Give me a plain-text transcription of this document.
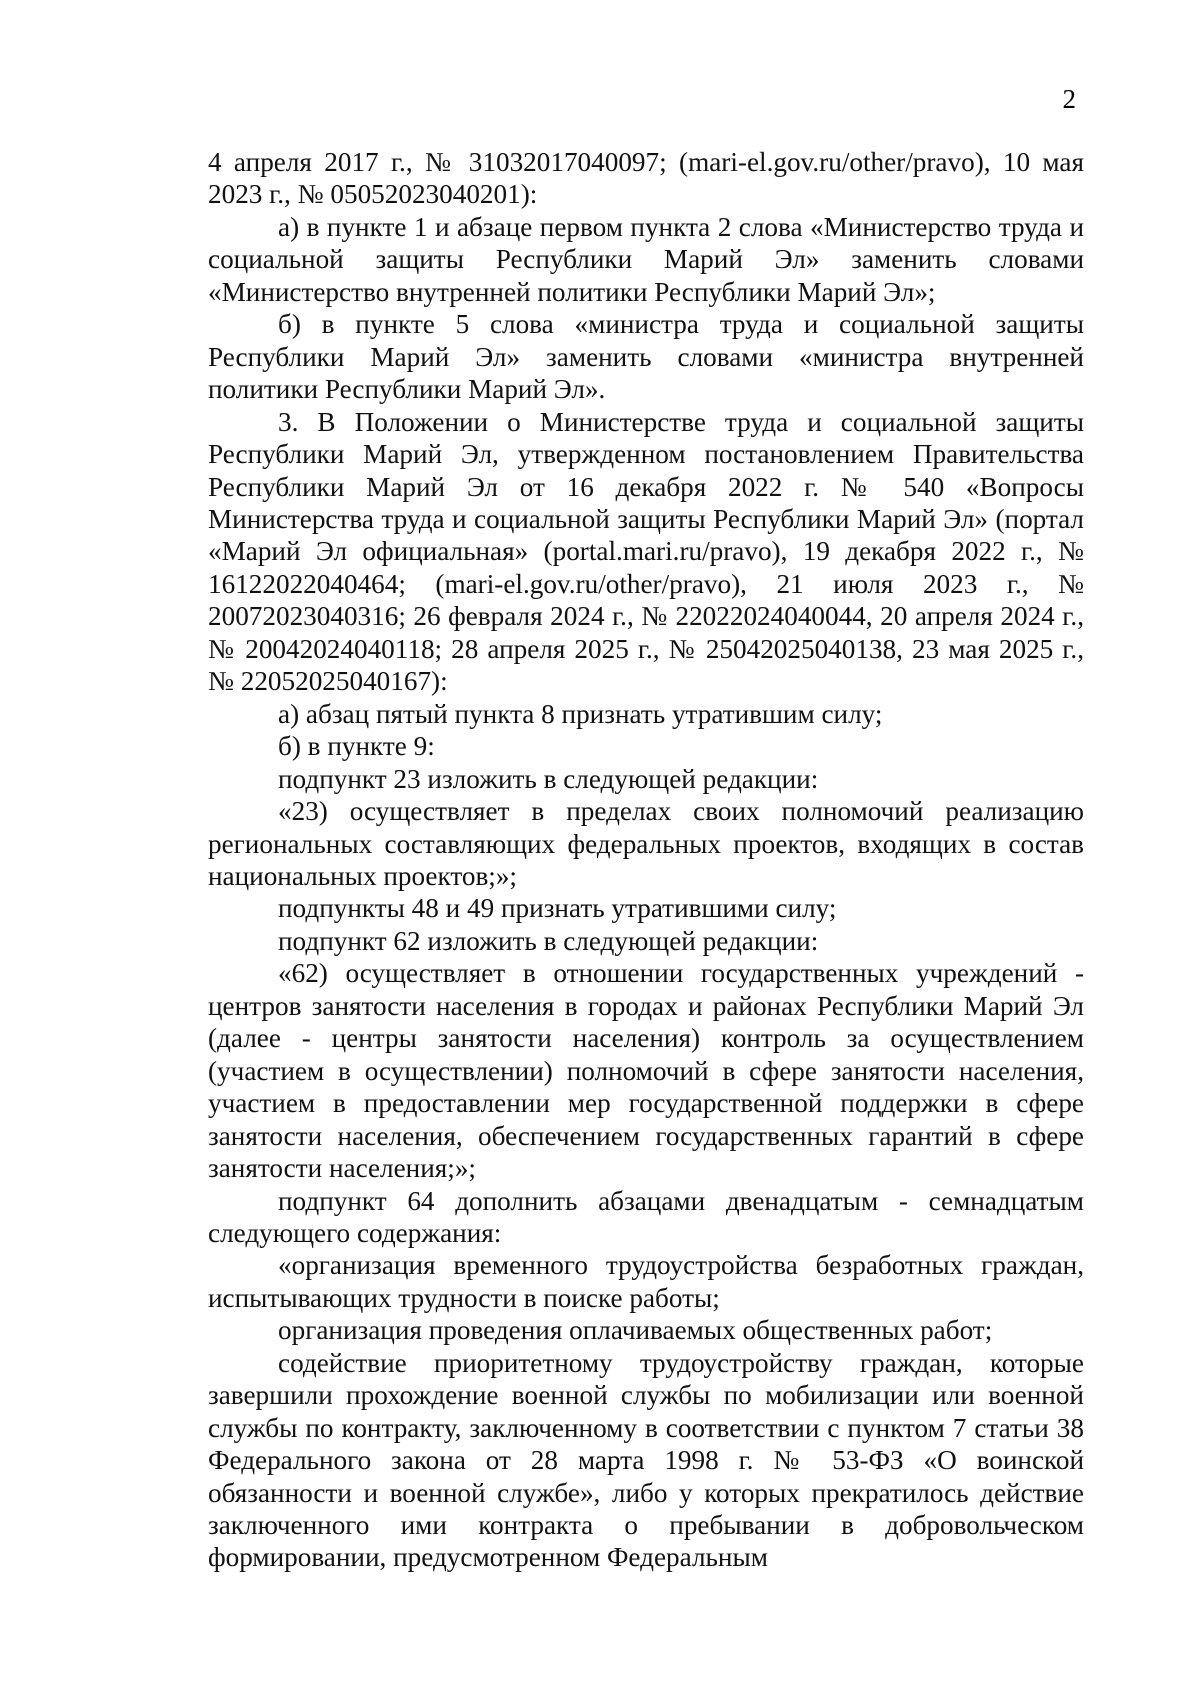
2

4 апреля 2017 г., № 31032017040097; (mari-el.gov.ru/other/pravo), 10 мая 2023 г., № 05052023040201):

а) в пункте 1 и абзаце первом пункта 2 слова «Министерство труда и социальной защиты Республики Марий Эл» заменить словами «Министерство внутренней политики Республики Марий Эл»;

б) в пункте 5 слова «министра труда и социальной защиты Республики Марий Эл» заменить словами «министра внутренней политики Республики Марий Эл».

3. В Положении о Министерстве труда и социальной защиты Республики Марий Эл, утвержденном постановлением Правительства Республики Марий Эл от 16 декабря 2022 г. № 540 «Вопросы Министерства труда и социальной защиты Республики Марий Эл» (портал «Марий Эл официальная» (portal.mari.ru/pravo), 19 декабря 2022 г., № 16122022040464; (mari-el.gov.ru/other/pravo), 21 июля 2023 г., № 20072023040316; 26 февраля 2024 г., № 22022024040044, 20 апреля 2024 г., № 20042024040118; 28 апреля 2025 г., № 25042025040138, 23 мая 2025 г., № 22052025040167):

а) абзац пятый пункта 8 признать утратившим силу;

б) в пункте 9:

подпункт 23 изложить в следующей редакции:

«23) осуществляет в пределах своих полномочий реализацию региональных составляющих федеральных проектов, входящих в состав национальных проектов;»;

подпункты 48 и 49 признать утратившими силу;

подпункт 62 изложить в следующей редакции:

«62) осуществляет в отношении государственных учреждений - центров занятости населения в городах и районах Республики Марий Эл (далее - центры занятости населения) контроль за осуществлением (участием в осуществлении) полномочий в сфере занятости населения, участием в предоставлении мер государственной поддержки в сфере занятости населения, обеспечением государственных гарантий в сфере занятости населения;»;

подпункт 64 дополнить абзацами двенадцатым - семнадцатым следующего содержания:

«организация временного трудоустройства безработных граждан, испытывающих трудности в поиске работы;

организация проведения оплачиваемых общественных работ;

содействие приоритетному трудоустройству граждан, которые завершили прохождение военной службы по мобилизации или военной службы по контракту, заключенному в соответствии с пунктом 7 статьи 38 Федерального закона от 28 марта 1998 г. № 53-ФЗ «О воинской обязанности и военной службе», либо у которых прекратилось действие заключенного ими контракта о пребывании в добровольческом формировании, предусмотренном Федеральным
